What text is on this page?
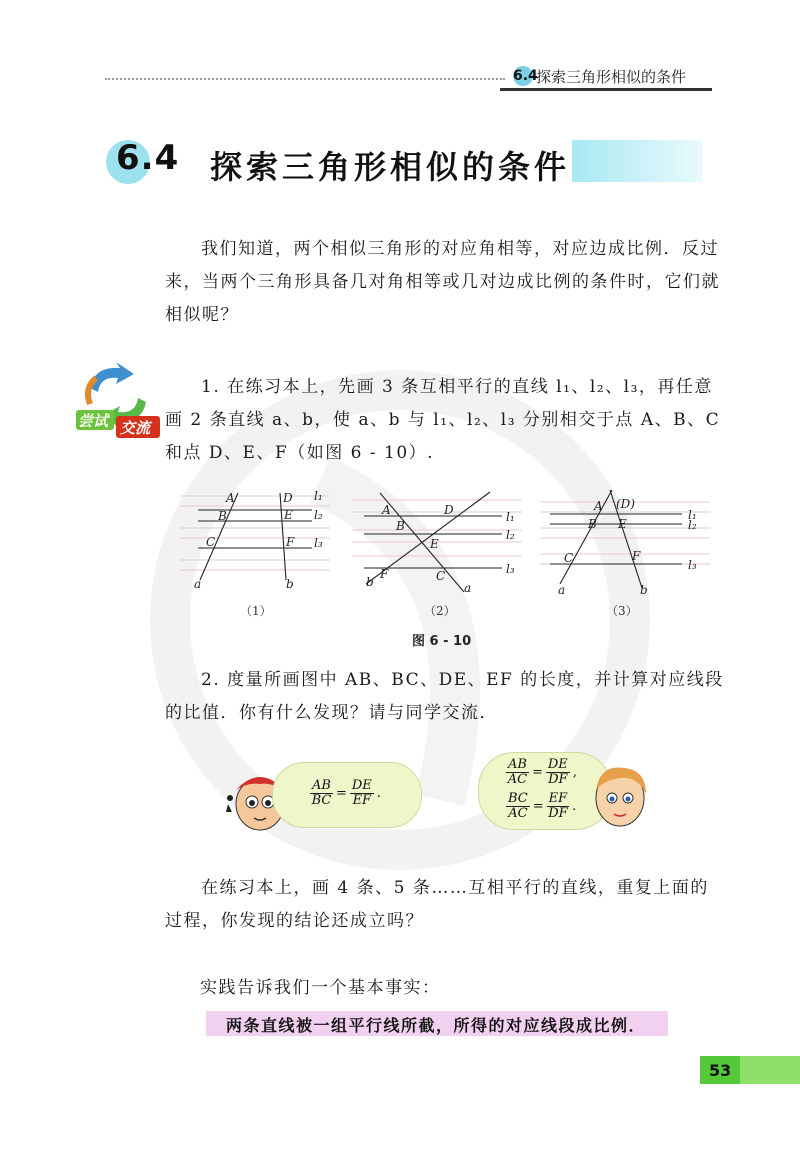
6.4
探索三角形相似的条件
6.4 探索三角形相似的条件
我们知道，两个相似三角形的对应角相等，对应边成比例．反过来，当两个三角形具备几对角相等或几对边成比例的条件时，它们就相似呢？
尝试 交流
1. 在练习本上，先画 3 条互相平行的直线 l₁、l₂、l₃，再任意画 2 条直线 a、b，使 a、b 与 l₁、l₂、l₃ 分别相交于点 A、B、C 和点 D、E、F（如图 6 - 10）.
A
B
C
D
E
F
a	b
l₁
l₂
l₃
（1）
A
B
C
D
E
F
a
b
l₁
l₂
l₃
（2）
A (D)
B E
C	F
a	b
l₁
l₂
l₃
（3）
图 6 - 10
2. 度量所画图中 AB、BC、DE、EF 的长度，并计算对应线段的比值．你有什么发现？请与同学交流．
$\frac{AB}{BC} = \frac{DE}{EF}$ .
$\frac{AB}{AC} = \frac{DE}{DF}$ ,
$\frac{BC}{AC} = \frac{EF}{DF}$ .
在练习本上，画 4 条、5 条……互相平行的直线，重复上面的过程，你发现的结论还成立吗？
实践告诉我们一个基本事实：
两条直线被一组平行线所截，所得的对应线段成比例．
53
